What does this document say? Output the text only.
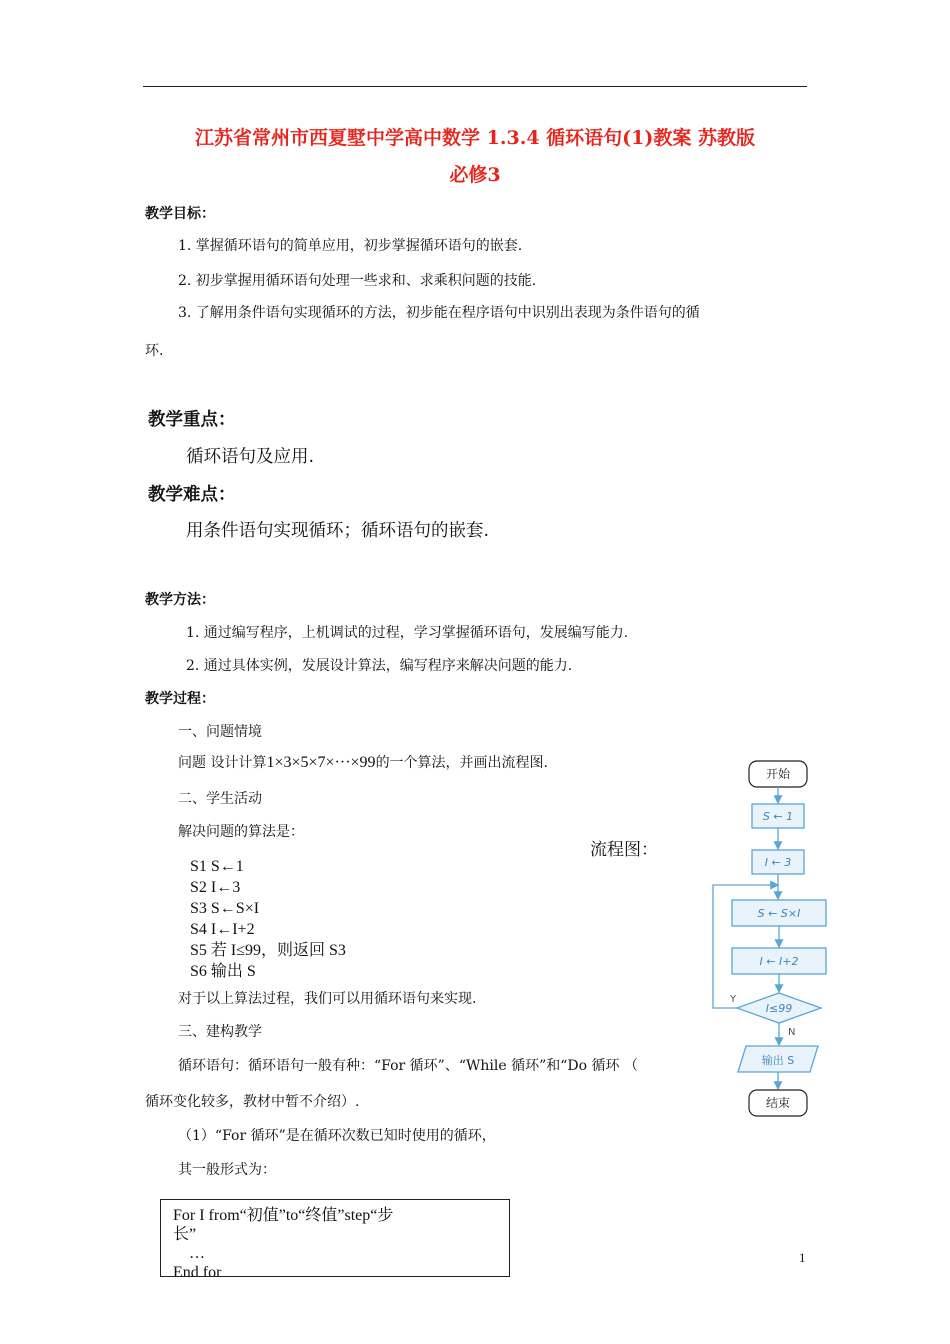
江苏省常州市西夏墅中学高中数学 1.3.4 循环语句(1)教案 苏教版
必修3
教学目标：
1. 掌握循环语句的简单应用，初步掌握循环语句的嵌套.
2. 初步掌握用循环语句处理一些求和、求乘积问题的技能.
3. 了解用条件语句实现循环的方法，初步能在程序语句中识别出表现为条件语句的循
环.
教学重点：
循环语句及应用.
教学难点：
用条件语句实现循环；循环语句的嵌套.
教学方法：
1. 通过编写程序，上机调试的过程，学习掌握循环语句，发展编写能力.
2. 通过具体实例，发展设计算法，编写程序来解决问题的能力.
教学过程：
一、问题情境
问题 设计计算1×3×5×7×···×99的一个算法，并画出流程图.
二、学生活动
解决问题的算法是：
流程图：
S1 S←1
S2 I←3
S3 S←S×I
S4 I←I+2
S5 若 I≤99，则返回 S3
S6 输出 S
对于以上算法过程，我们可以用循环语句来实现.
三、建构教学
循环语句：循环语句一般有种：“For 循环”、“While 循环”和“Do 循环 （
循环变化较多，教材中暂不介绍）.
（1）“For 循环”是在循环次数已知时使用的循环，
其一般形式为：
For I from“初值”to“终值”step“步
长”
…
End for
1
开始
S ← 1
I ← 3
S ← S×I
I ← I+2
I≤99
Y
N
输出 S
结束
